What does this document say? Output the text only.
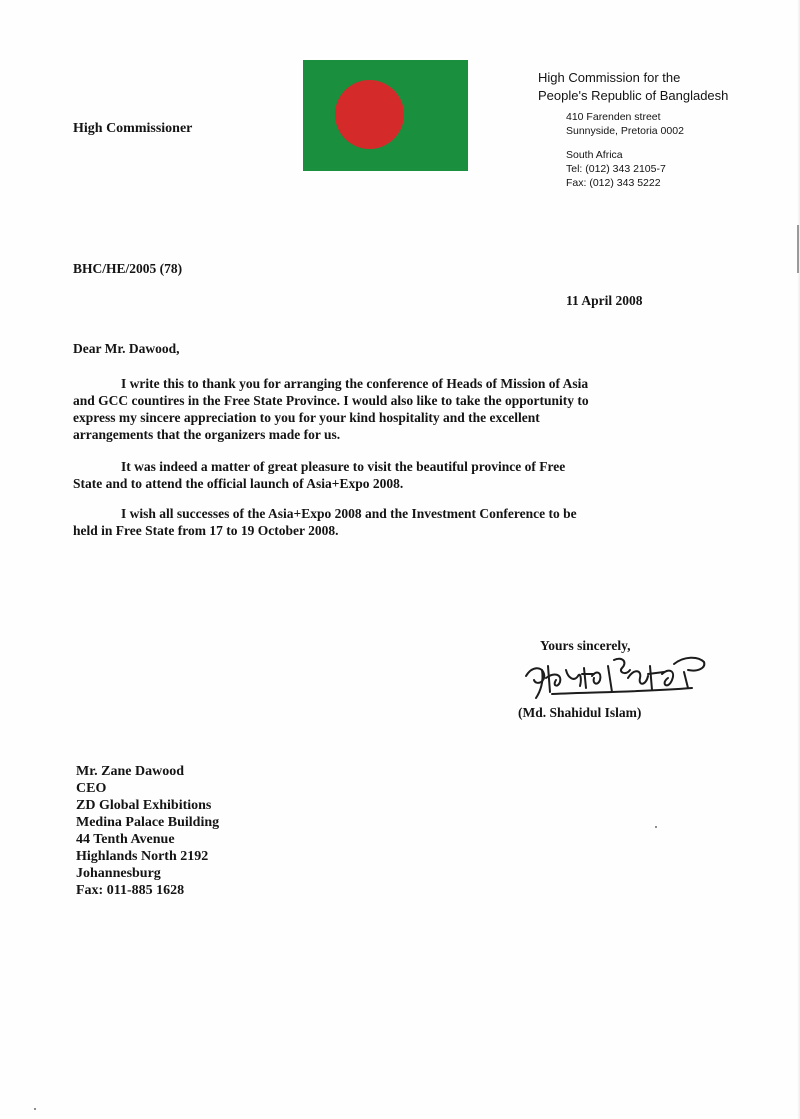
High Commissioner
High Commission for the
People's Republic of Bangladesh
410 Farenden street
Sunnyside, Pretoria 0002
South Africa
Tel: (012) 343 2105-7
Fax: (012) 343 5222
BHC/HE/2005 (78)
11 April 2008
Dear Mr. Dawood,
I write this to thank you for arranging the conference of Heads of Mission of Asia
and GCC countires in the Free State Province. I would also like to take the opportunity to
express my sincere appreciation to you for your kind hospitality and the excellent
arrangements that the organizers made for us.
It was indeed a matter of great pleasure to visit the beautiful province of Free
State and to attend the official launch of Asia+Expo 2008.
I wish all successes of the Asia+Expo 2008 and the Investment Conference to be
held in Free State from 17 to 19 October 2008.
Yours sincerely,
(Md. Shahidul Islam)
Mr. Zane Dawood
CEO
ZD Global Exhibitions
Medina Palace Building
44 Tenth Avenue
Highlands North 2192
Johannesburg
Fax: 011-885 1628
